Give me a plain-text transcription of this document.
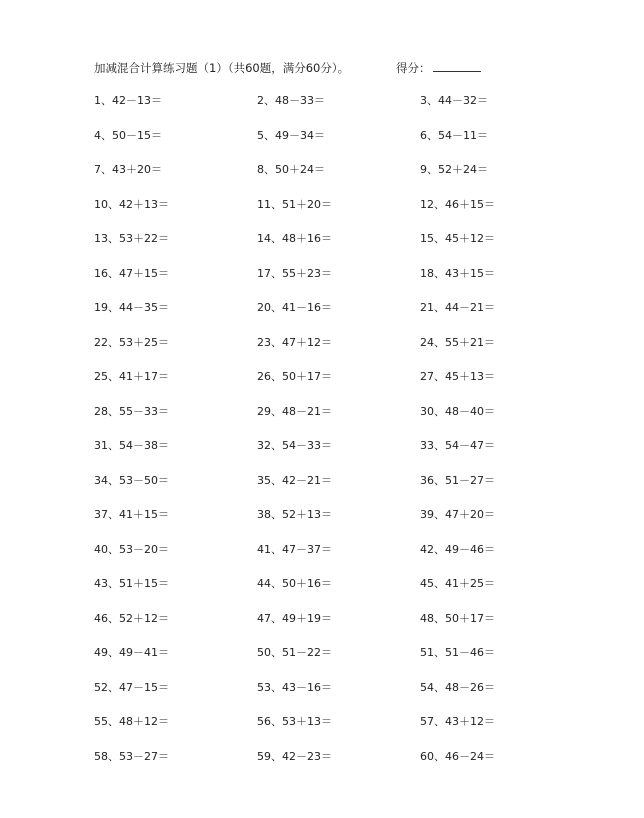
加减混合计算练习题（1）（共60题，满分60分）。	得分：
1、42－13＝	2、48－33＝	3、44－32＝
4、50－15＝	5、49－34＝	6、54－11＝
7、43＋20＝	8、50＋24＝	9、52＋24＝
10、42＋13＝	11、51＋20＝	12、46＋15＝
13、53＋22＝	14、48＋16＝	15、45＋12＝
16、47＋15＝	17、55＋23＝	18、43＋15＝
19、44－35＝	20、41－16＝	21、44－21＝
22、53＋25＝	23、47＋12＝	24、55＋21＝
25、41＋17＝	26、50＋17＝	27、45＋13＝
28、55－33＝	29、48－21＝	30、48－40＝
31、54－38＝	32、54－33＝	33、54－47＝
34、53－50＝	35、42－21＝	36、51－27＝
37、41＋15＝	38、52＋13＝	39、47＋20＝
40、53－20＝	41、47－37＝	42、49－46＝
43、51＋15＝	44、50＋16＝	45、41＋25＝
46、52＋12＝	47、49＋19＝	48、50＋17＝
49、49－41＝	50、51－22＝	51、51－46＝
52、47－15＝	53、43－16＝	54、48－26＝
55、48＋12＝	56、53＋13＝	57、43＋12＝
58、53－27＝	59、42－23＝	60、46－24＝
